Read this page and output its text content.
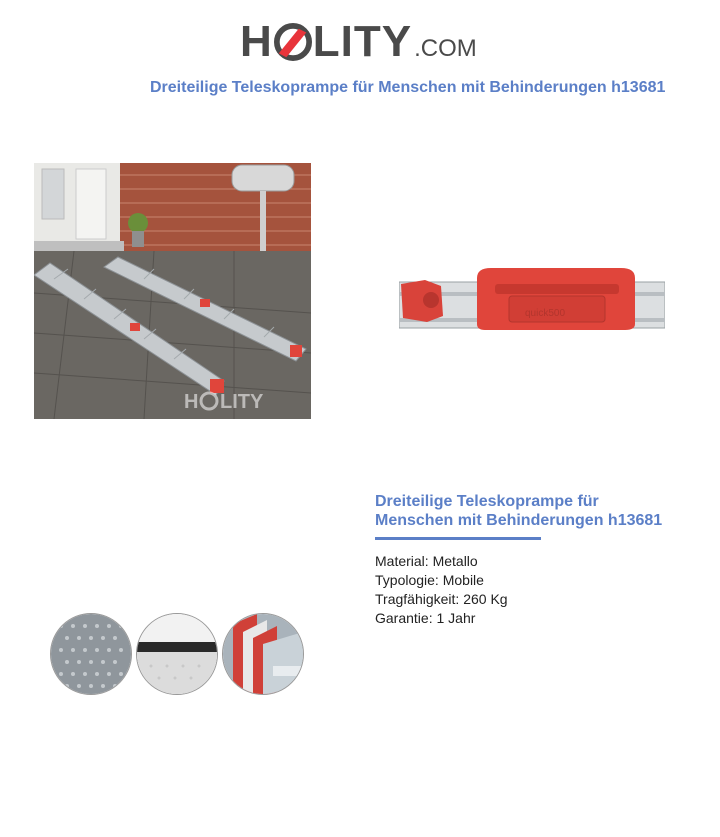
H LITY .COM
Dreiteilige Teleskoprampe für Menschen mit Behinderungen h13681
H LITY
quick500
Dreiteilige Teleskoprampe für Menschen mit Behinderungen h13681
Material: Metallo
Typologie: Mobile
Tragfähigkeit: 260 Kg
Garantie: 1 Jahr
